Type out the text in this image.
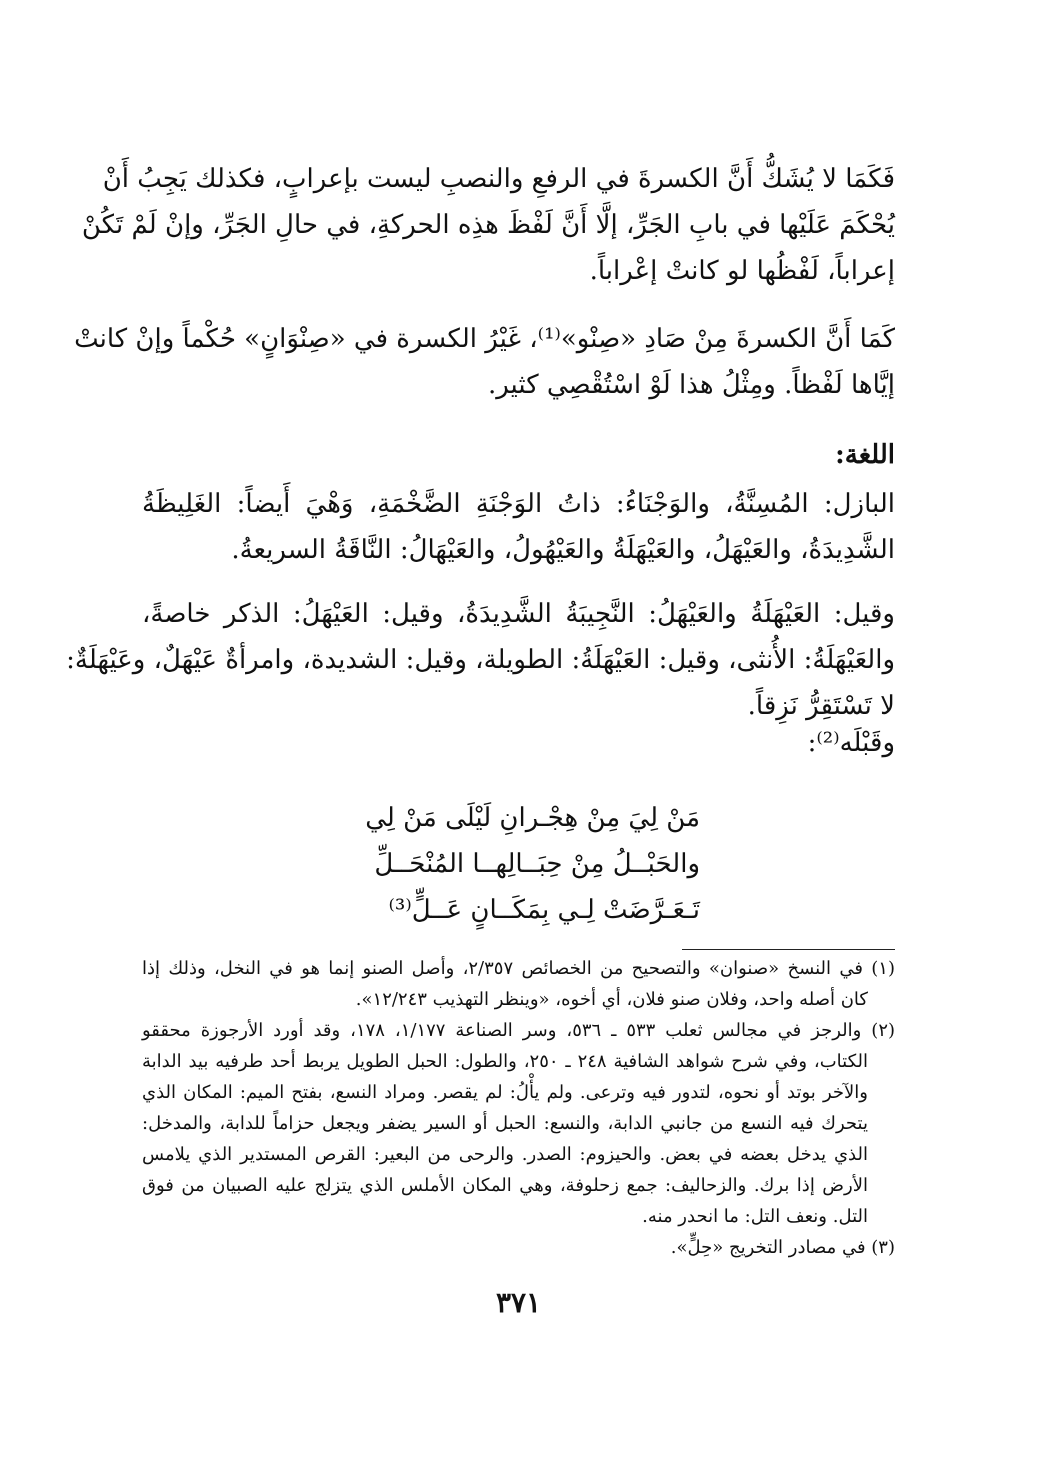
فَكَمَا لا يُشَكُّ أَنَّ الكسرةَ في الرفعِ والنصبِ ليست بإعرابٍ، فكذلك يَجِبُ أَنْ
يُحْكَمَ عَلَيْها في بابِ الجَرِّ، إلَّا أَنَّ لَفْظَ هذِه الحركةِ، في حالِ الجَرِّ، وإنْ لَمْ تَكُنْ
إعراباً، لَفْظُها لو كانتْ إعْراباً.
كَمَا أَنَّ الكسرةَ مِنْ صَادِ «صِنْو»⁽¹⁾، غَيْرُ الكسرة في «صِنْوَانٍ» حُكْماً وإنْ كانتْ
إيَّاها لَفْظاً. ومِثْلُ هذا لَوْ اسْتُقْصِي كثير.
اللغة:
البازل: المُسِنَّةُ، والوَجْنَاءُ: ذاتُ الوَجْنَةِ الضَّخْمَةِ، وَهْيَ أَيضاً: الغَلِيظَةُ
الشَّدِيدَةُ، والعَيْهَلُ، والعَيْهَلَةُ والعَيْهُولُ، والعَيْهَالُ: النَّاقَةُ السريعةُ.
وقيل: العَيْهَلَةُ والعَيْهَلُ: النَّجِيبَةُ الشَّدِيدَةُ، وقيل: العَيْهَلُ: الذكر خاصةً،
والعَيْهَلَةُ: الأُنثى، وقيل: العَيْهَلَةُ: الطويلة، وقيل: الشديدة، وامرأةٌ عَيْهَلٌ، وعَيْهَلَةٌ:
لا تَسْتَقِرُّ نَزِقاً.
وقَبْلَه⁽²⁾:
مَنْ لِيَ مِنْ هِجْـرانِ لَيْلَى مَنْ لِي
والحَبْــلُ مِنْ حِبَــالِهــا المُنْحَــلِّ
تَـعَـرَّضَتْ لِـي بِمَكَــانٍ عَــلٍّ⁽³⁾
(١) في النسخ «صنوان» والتصحيح من الخصائص ٢/٣٥٧، وأصل الصنو إنما هو في النخل، وذلك إذا
كان أصله واحد، وفلان صنو فلان، أي أخوه، «وينظر التهذيب ١٢/٢٤٣».
(٢) والرجز في مجالس ثعلب ٥٣٣ ـ ٥٣٦، وسر الصناعة ١/١٧٧، ١٧٨، وقد أورد الأرجوزة محققو
الكتاب، وفي شرح شواهد الشافية ٢٤٨ ـ ٢٥٠، والطول: الحبل الطويل يربط أحد طرفيه بيد الدابة
والآخر بوتد أو نحوه، لتدور فيه وترعى. ولم يأْلُ: لم يقصر. ومراد النسع، بفتح الميم: المكان الذي
يتحرك فيه النسع من جانبي الدابة، والنسع: الحبل أو السير يضفر ويجعل حزاماً للدابة، والمدخل:
الذي يدخل بعضه في بعض. والحيزوم: الصدر. والرحى من البعير: القرص المستدير الذي يلامس
الأرض إذا برك. والزحاليف: جمع زحلوفة، وهي المكان الأملس الذي يتزلج عليه الصبيان من فوق
التل. ونعف التل: ما انحدر منه.
(٣) في مصادر التخريج «حِلٍّ».
٣٧١
